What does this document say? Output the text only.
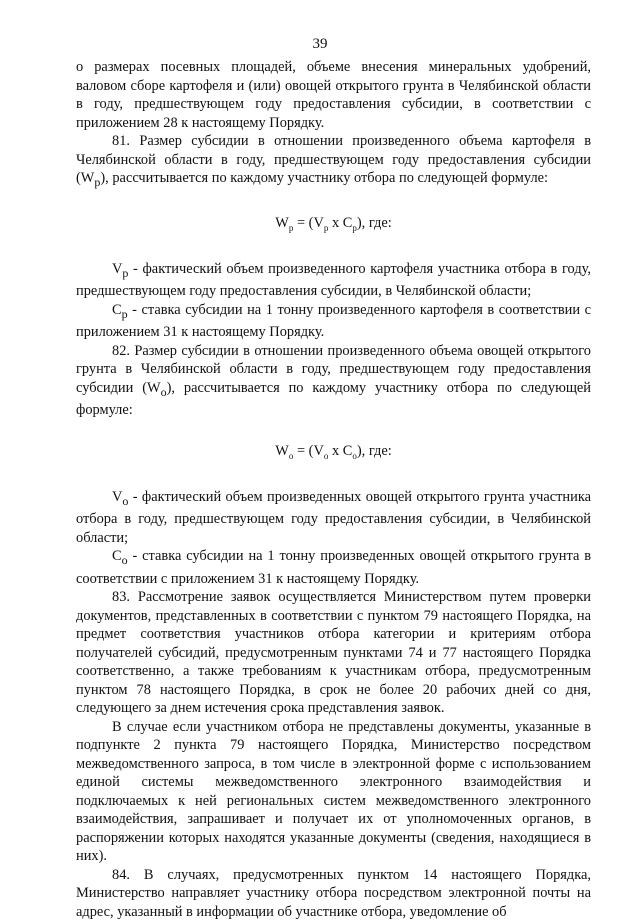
39

о размерах посевных площадей, объеме внесения минеральных удобрений, валовом сборе картофеля и (или) овощей открытого грунта в Челябинской области в году, предшествующем году предоставления субсидии, в соответствии с приложением 28 к настоящему Порядку.

81. Размер субсидии в отношении произведенного объема картофеля в Челябинской области в году, предшествующем году предоставления субсидии $(W_р)$, рассчитывается по каждому участнику отбора по следующей формуле:

$W_р = (V_р$ х $C_р$), где:

$V_р$ - фактический объем произведенного картофеля участника отбора в году, предшествующем году предоставления субсидии, в Челябинской области;

$C_р$ - ставка субсидии на 1 тонну произведенного картофеля в соответствии с приложением 31 к настоящему Порядку.

82. Размер субсидии в отношении произведенного объема овощей открытого грунта в Челябинской области в году, предшествующем году предоставления субсидии $(W_о)$, рассчитывается по каждому участнику отбора по следующей формуле:

$W_о = (V_о$ х $C_о$), где:

$V_о$ - фактический объем произведенных овощей открытого грунта участника отбора в году, предшествующем году предоставления субсидии, в Челябинской области;

$C_о$ - ставка субсидии на 1 тонну произведенных овощей открытого грунта в соответствии с приложением 31 к настоящему Порядку.

83. Рассмотрение заявок осуществляется Министерством путем проверки документов, представленных в соответствии с пунктом 79 настоящего Порядка, на предмет соответствия участников отбора категории и критериям отбора получателей субсидий, предусмотренным пунктами 74 и 77 настоящего Порядка соответственно, а также требованиям к участникам отбора, предусмотренным пунктом 78 настоящего Порядка, в срок не более 20 рабочих дней со дня, следующего за днем истечения срока представления заявок.

В случае если участником отбора не представлены документы, указанные в подпункте 2 пункта 79 настоящего Порядка, Министерство посредством межведомственного запроса, в том числе в электронной форме с использованием единой системы межведомственного электронного взаимодействия и подключаемых к ней региональных систем межведомственного электронного взаимодействия, запрашивает и получает их от уполномоченных органов, в распоряжении которых находятся указанные документы (сведения, находящиеся в них).

84. В случаях, предусмотренных пунктом 14 настоящего Порядка, Министерство направляет участнику отбора посредством электронной почты на адрес, указанный в информации об участнике отбора, уведомление об
